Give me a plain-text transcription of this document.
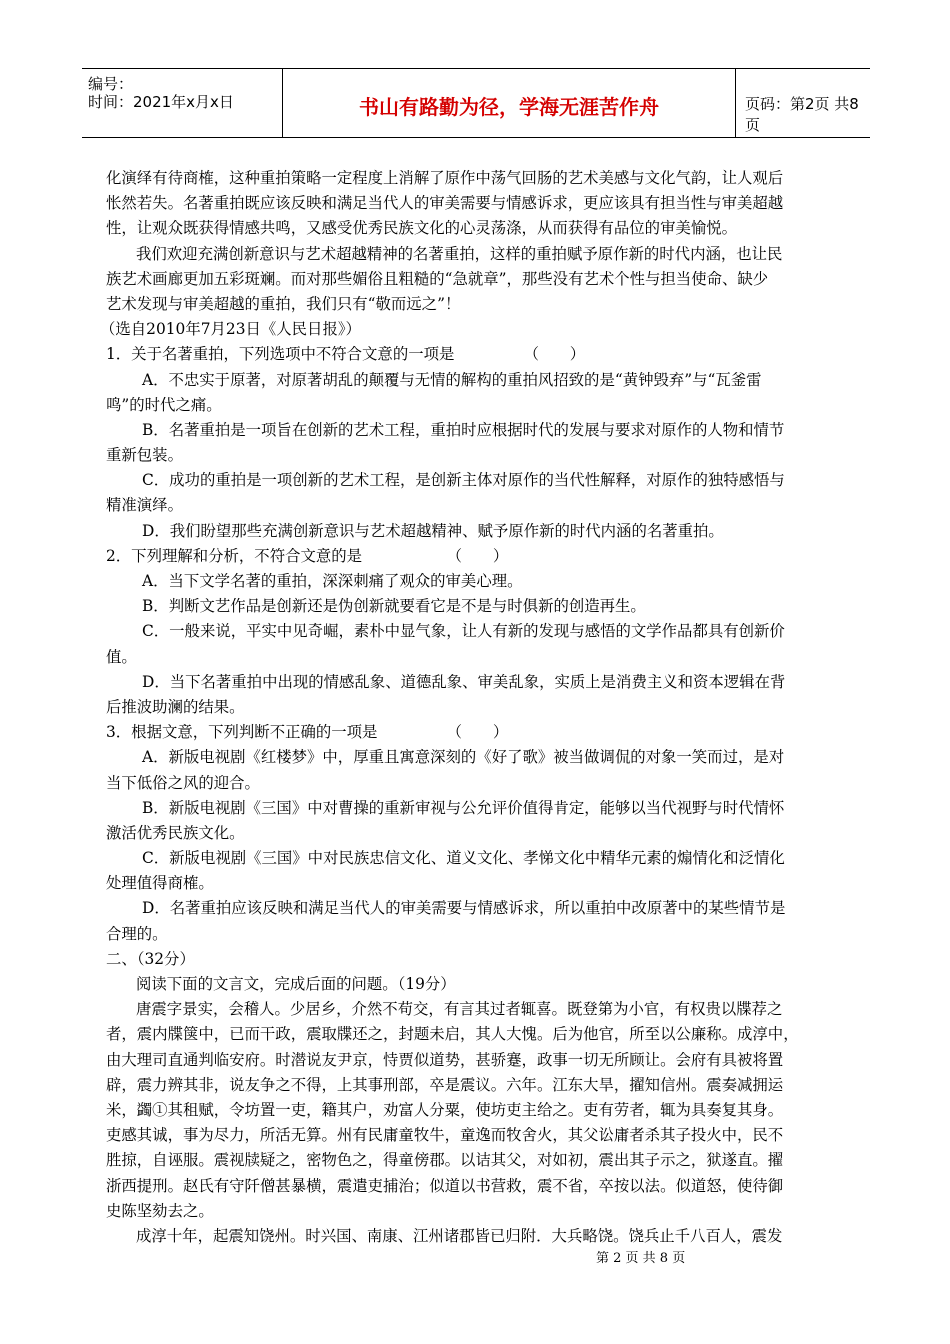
编号：
时间：2021年x月x日	书山有路勤为径，学海无涯苦作舟	页码：第2页 共8页
化演绎有待商榷，这种重拍策略一定程度上消解了原作中荡气回肠的艺术美感与文化气韵，让人观后
怅然若失。名著重拍既应该反映和满足当代人的审美需要与情感诉求，更应该具有担当性与审美超越
性，让观众既获得情感共鸣，又感受优秀民族文化的心灵荡涤，从而获得有品位的审美愉悦。
我们欢迎充满创新意识与艺术超越精神的名著重拍，这样的重拍赋予原作新的时代内涵，也让民
族艺术画廊更加五彩斑斓。而对那些媚俗且粗糙的“急就章”，那些没有艺术个性与担当使命、缺少
艺术发现与审美超越的重拍，我们只有“敬而远之”！
（选自2010年7月23日《人民日报》）
1．关于名著重拍，下列选项中不符合文意的一项是　　　　　（　　）
A．不忠实于原著，对原著胡乱的颠覆与无情的解构的重拍风招致的是“黄钟毁弃”与“瓦釜雷
鸣”的时代之痛。
B．名著重拍是一项旨在创新的艺术工程，重拍时应根据时代的发展与要求对原作的人物和情节
重新包装。
C．成功的重拍是一项创新的艺术工程，是创新主体对原作的当代性解释，对原作的独特感悟与
精准演绎。
D．我们盼望那些充满创新意识与艺术超越精神、赋予原作新的时代内涵的名著重拍。
2．下列理解和分析，不符合文意的是　　　　　　（　　）
A．当下文学名著的重拍，深深刺痛了观众的审美心理。
B．判断文艺作品是创新还是伪创新就要看它是不是与时俱新的创造再生。
C．一般来说，平实中见奇崛，素朴中显气象，让人有新的发现与感悟的文学作品都具有创新价
值。
D．当下名著重拍中出现的情感乱象、道德乱象、审美乱象，实质上是消费主义和资本逻辑在背
后推波助澜的结果。
3．根据文意，下列判断不正确的一项是　　　　　（　　）
A．新版电视剧《红楼梦》中，厚重且寓意深刻的《好了歌》被当做调侃的对象一笑而过，是对
当下低俗之风的迎合。
B．新版电视剧《三国》中对曹操的重新审视与公允评价值得肯定，能够以当代视野与时代情怀
激活优秀民族文化。
C．新版电视剧《三国》中对民族忠信文化、道义文化、孝悌文化中精华元素的煽情化和泛情化
处理值得商榷。
D．名著重拍应该反映和满足当代人的审美需要与情感诉求，所以重拍中改原著中的某些情节是
合理的。
二、（32分）
阅读下面的文言文，完成后面的问题。（19分）
唐震字景实，会稽人。少居乡，介然不苟交，有言其过者辄喜。既登第为小官，有权贵以牒荐之
者，震内牒箧中，已而干政，震取牒还之，封题未启，其人大愧。后为他官，所至以公廉称。成淳中，
由大理司直通判临安府。时潜说友尹京，恃贾似道势，甚骄蹇，政事一切无所顾让。会府有具被将置
辟，震力辨其非，说友争之不得，上其事刑部，卒是震议。六年。江东大旱，擢知信州。震奏减拥运
米，蠲①其租赋，令坊置一吏，籍其户，劝富人分粟，使坊吏主给之。吏有劳者，辄为具奏复其身。
吏感其诚，事为尽力，所活无算。州有民庸童牧牛，童逸而牧舍火，其父讼庸者杀其子投火中，民不
胜掠，自诬服。震视牍疑之，密物色之，得童傍郡。以诘其父，对如初，震出其子示之，狱遂直。擢
浙西提刑。赵氏有守阡僧甚暴横，震遣吏捕治；似道以书营救，震不省，卒按以法。似道怒，使待御
史陈坚劾去之。
成淳十年，起震知饶州。时兴国、南康、江州诸郡皆已归附．大兵略饶。饶兵止千八百人，震发
第 2 页 共 8 页
